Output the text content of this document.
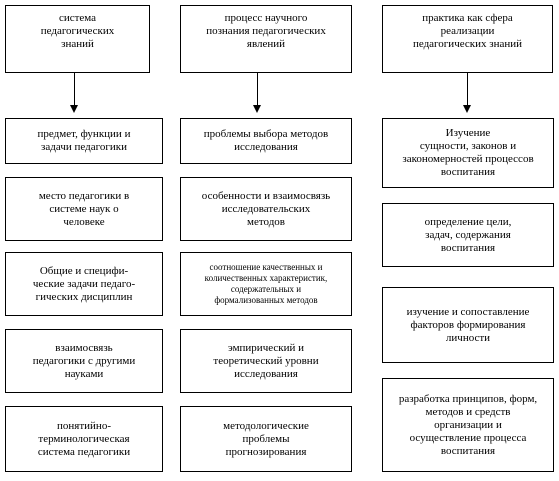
система
педагогических
знаний
предмет, функции и
задачи педагогики
место педагогики в
системе наук о
человеке
Общие и специфи-
ческие задачи педаго-
гических дисциплин
взаимосвязь
педагогики с другими
науками
понятийно-
терминологическая
система педагогики
процесс научного
познания педагогических
явлений
проблемы выбора методов
исследования
особенности и взаимосвязь
исследовательских
методов
соотношение качественных и
количественных характеристик,
содержательных и
формализованных методов
эмпирический и
теоретический уровни
исследования
методологические
проблемы
прогнозирования
практика как сфера
реализации
педагогических знаний
Изучение
сущности, законов и
закономерностей процессов
воспитания
определение цели,
задач, содержания
воспитания
изучение и сопоставление
факторов формирования
личности
разработка принципов, форм,
методов и средств
организации и
осуществление процесса
воспитания
